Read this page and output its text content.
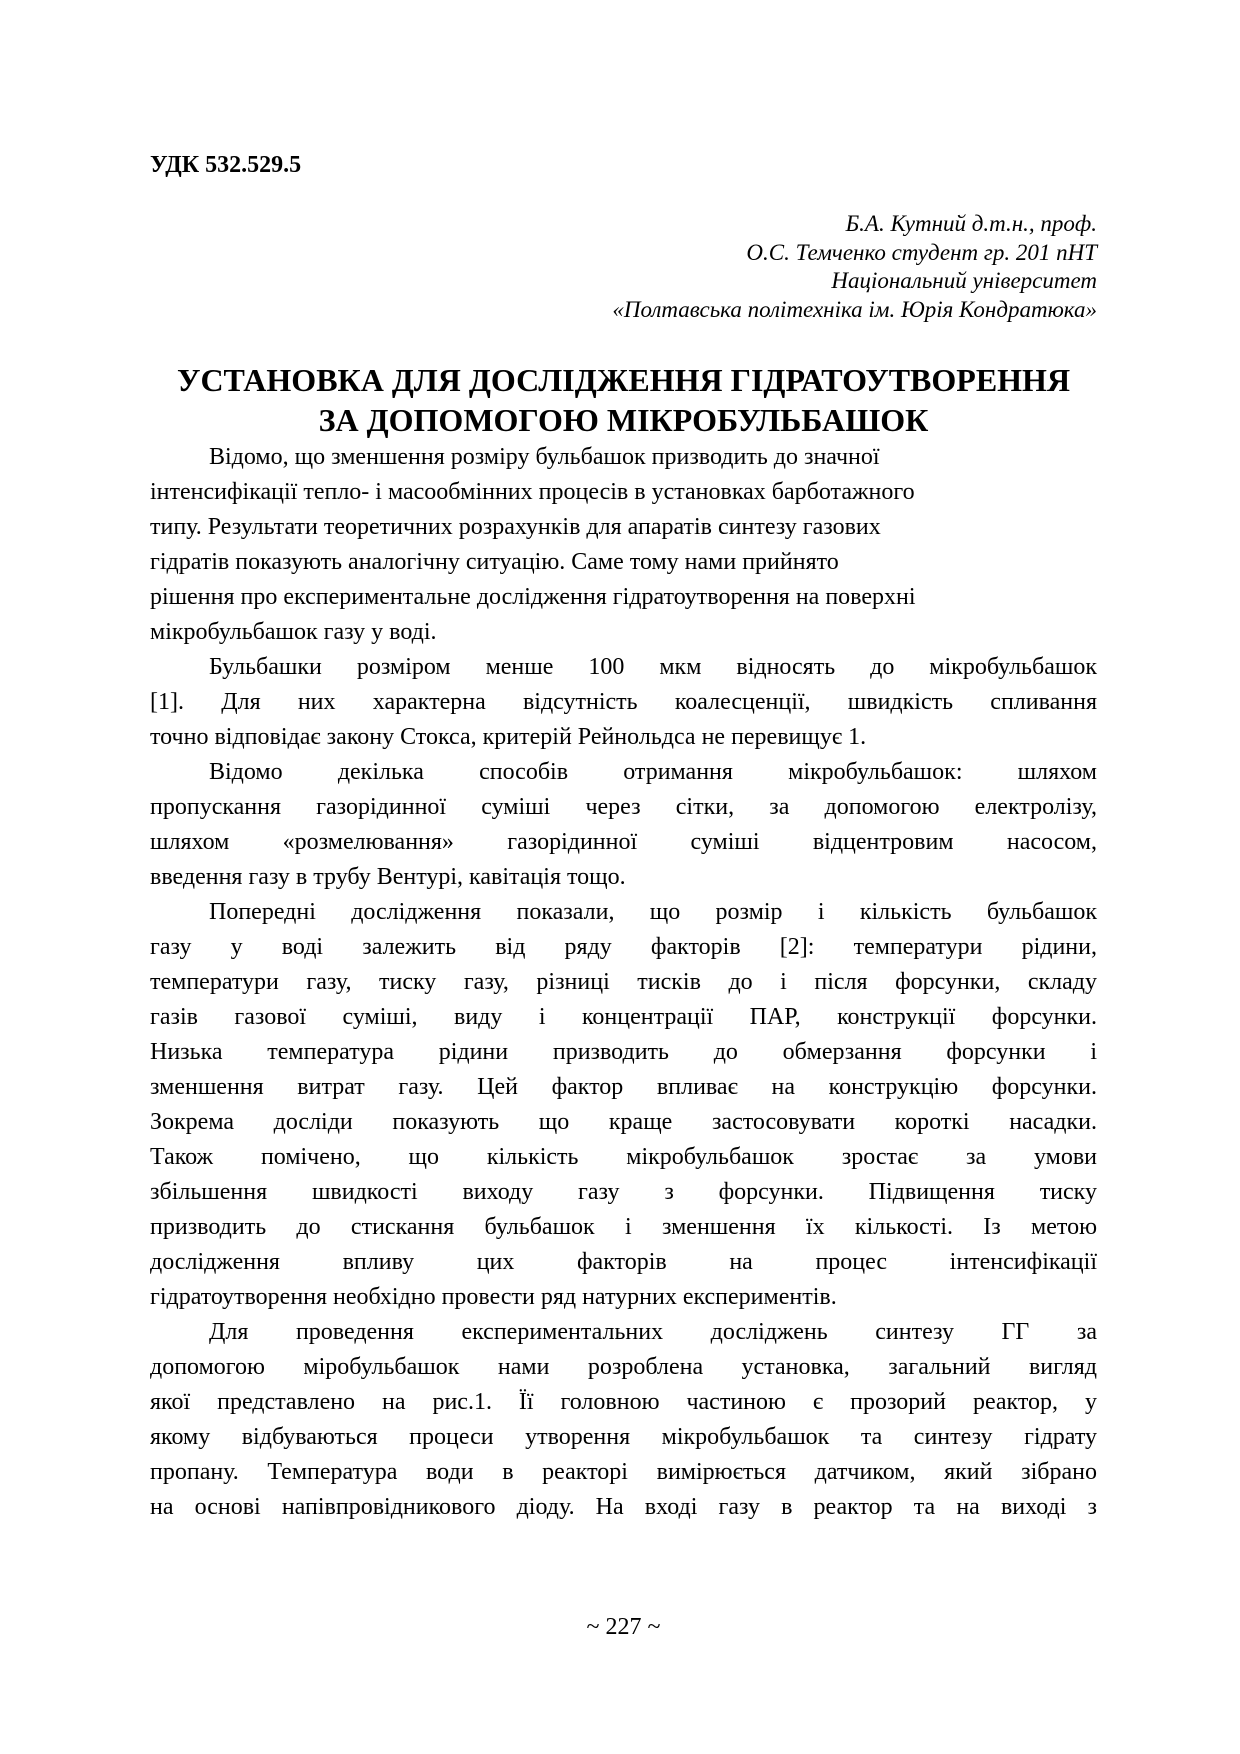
УДК 532.529.5
Б.А. Кутний д.т.н., проф.
О.С. Темченко студент гр. 201 пНТ
Національний університет
«Полтавська політехніка ім. Юрія Кондратюка»
УСТАНОВКА ДЛЯ ДОСЛІДЖЕННЯ ГІДРАТОУТВОРЕННЯ
ЗА ДОПОМОГОЮ МІКРОБУЛЬБАШОК
Відомо, що зменшення розміру бульбашок призводить до значної
інтенсифікації тепло- і масообмінних процесів в установках барботажного
типу. Результати теоретичних розрахунків для апаратів синтезу газових
гідратів показують аналогічну ситуацію. Саме тому нами прийнято
рішення про експериментальне дослідження гідратоутворення на поверхні
мікробульбашок газу у воді.
Бульбашки розміром менше 100 мкм відносять до мікробульбашок
[1]. Для них характерна відсутність коалесценції, швидкість спливання
точно відповідає закону Стокса, критерій Рейнольдса не перевищує 1.
Відомо декілька способів отримання мікробульбашок: шляхом
пропускання газорідинної суміші через сітки, за допомогою електролізу,
шляхом «розмелювання» газорідинної суміші відцентровим насосом,
введення газу в трубу Вентурі, кавітація тощо.
Попередні дослідження показали, що розмір і кількість бульбашок
газу у воді залежить від ряду факторів [2]: температури рідини,
температури газу, тиску газу, різниці тисків до і після форсунки, складу
газів газової суміші, виду і концентрації ПАР, конструкції форсунки.
Низька температура рідини призводить до обмерзання форсунки і
зменшення витрат газу. Цей фактор впливає на конструкцію форсунки.
Зокрема досліди показують що краще застосовувати короткі насадки.
Також помічено, що кількість мікробульбашок зростає за умови
збільшення швидкості виходу газу з форсунки. Підвищення тиску
призводить до стискання бульбашок і зменшення їх кількості. Із метою
дослідження впливу цих факторів на процес інтенсифікації
гідратоутворення необхідно провести ряд натурних експериментів.
Для проведення експериментальних досліджень синтезу ГГ за
допомогою міробульбашок нами розроблена установка, загальний вигляд
якої представлено на рис.1. Її головною частиною є прозорий реактор, у
якому відбуваються процеси утворення мікробульбашок та синтезу гідрату
пропану. Температура води в реакторі вимірюється датчиком, який зібрано
на основі напівпровідникового діоду. На вході газу в реактор та на виході з
~ 227 ~
